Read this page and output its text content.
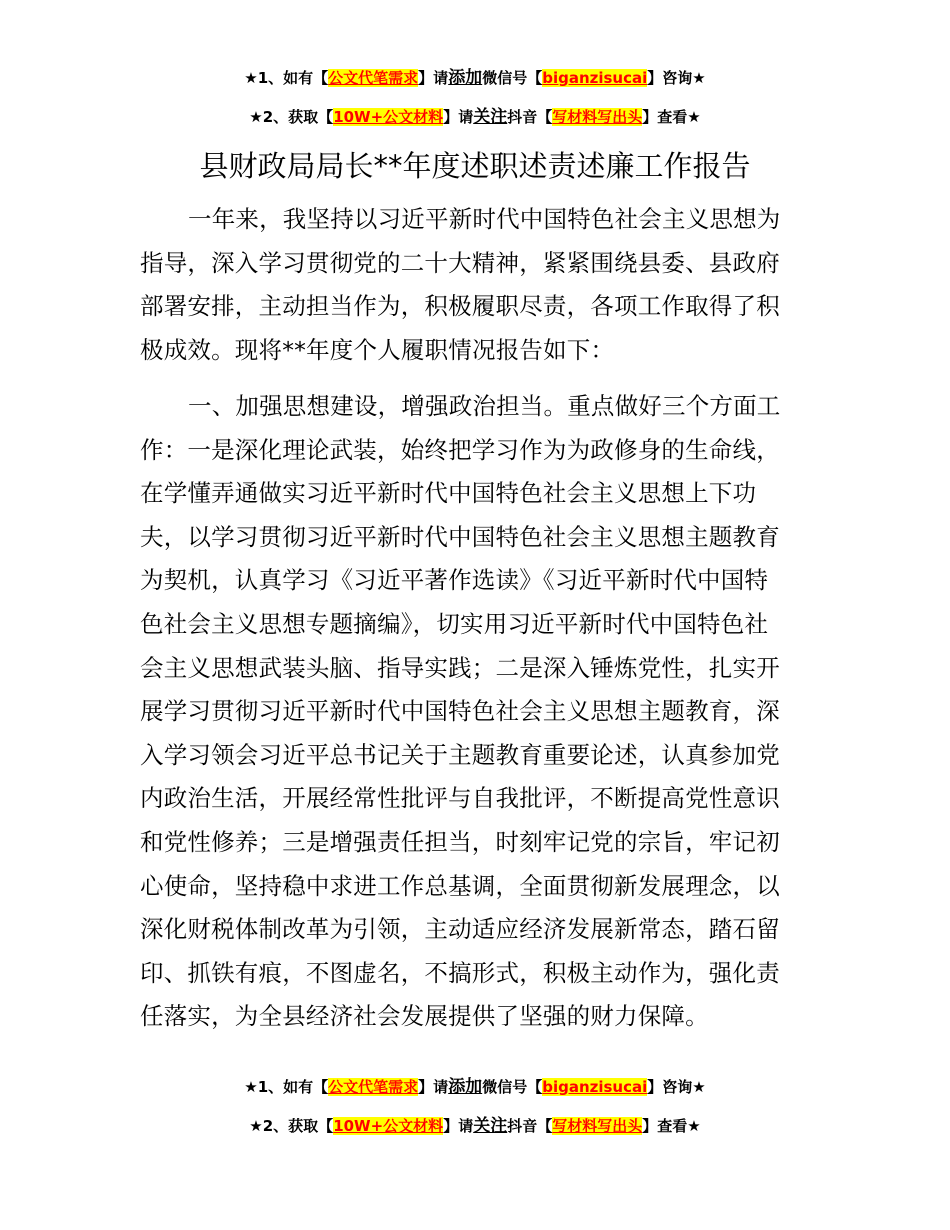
★1、如有【公文代笔需求】请添加微信号【biganzisucai】咨询★
★2、获取【10W+公文材料】请关注抖音【写材料写出头】查看★
县财政局局长**年度述职述责述廉工作报告
一年来，我坚持以习近平新时代中国特色社会主义思想为
指导，深入学习贯彻党的二十大精神，紧紧围绕县委、县政府
部署安排，主动担当作为，积极履职尽责，各项工作取得了积
极成效。现将**年度个人履职情况报告如下：
一、加强思想建设，增强政治担当。重点做好三个方面工
作：一是深化理论武装，始终把学习作为为政修身的生命线，
在学懂弄通做实习近平新时代中国特色社会主义思想上下功
夫，以学习贯彻习近平新时代中国特色社会主义思想主题教育
为契机，认真学习《习近平著作选读》《习近平新时代中国特
色社会主义思想专题摘编》，切实用习近平新时代中国特色社
会主义思想武装头脑、指导实践；二是深入锤炼党性，扎实开
展学习贯彻习近平新时代中国特色社会主义思想主题教育，深
入学习领会习近平总书记关于主题教育重要论述，认真参加党
内政治生活，开展经常性批评与自我批评，不断提高党性意识
和党性修养；三是增强责任担当，时刻牢记党的宗旨，牢记初
心使命，坚持稳中求进工作总基调，全面贯彻新发展理念，以
深化财税体制改革为引领，主动适应经济发展新常态，踏石留
印、抓铁有痕，不图虚名，不搞形式，积极主动作为，强化责
任落实，为全县经济社会发展提供了坚强的财力保障。
★1、如有【公文代笔需求】请添加微信号【biganzisucai】咨询★
★2、获取【10W+公文材料】请关注抖音【写材料写出头】查看★
